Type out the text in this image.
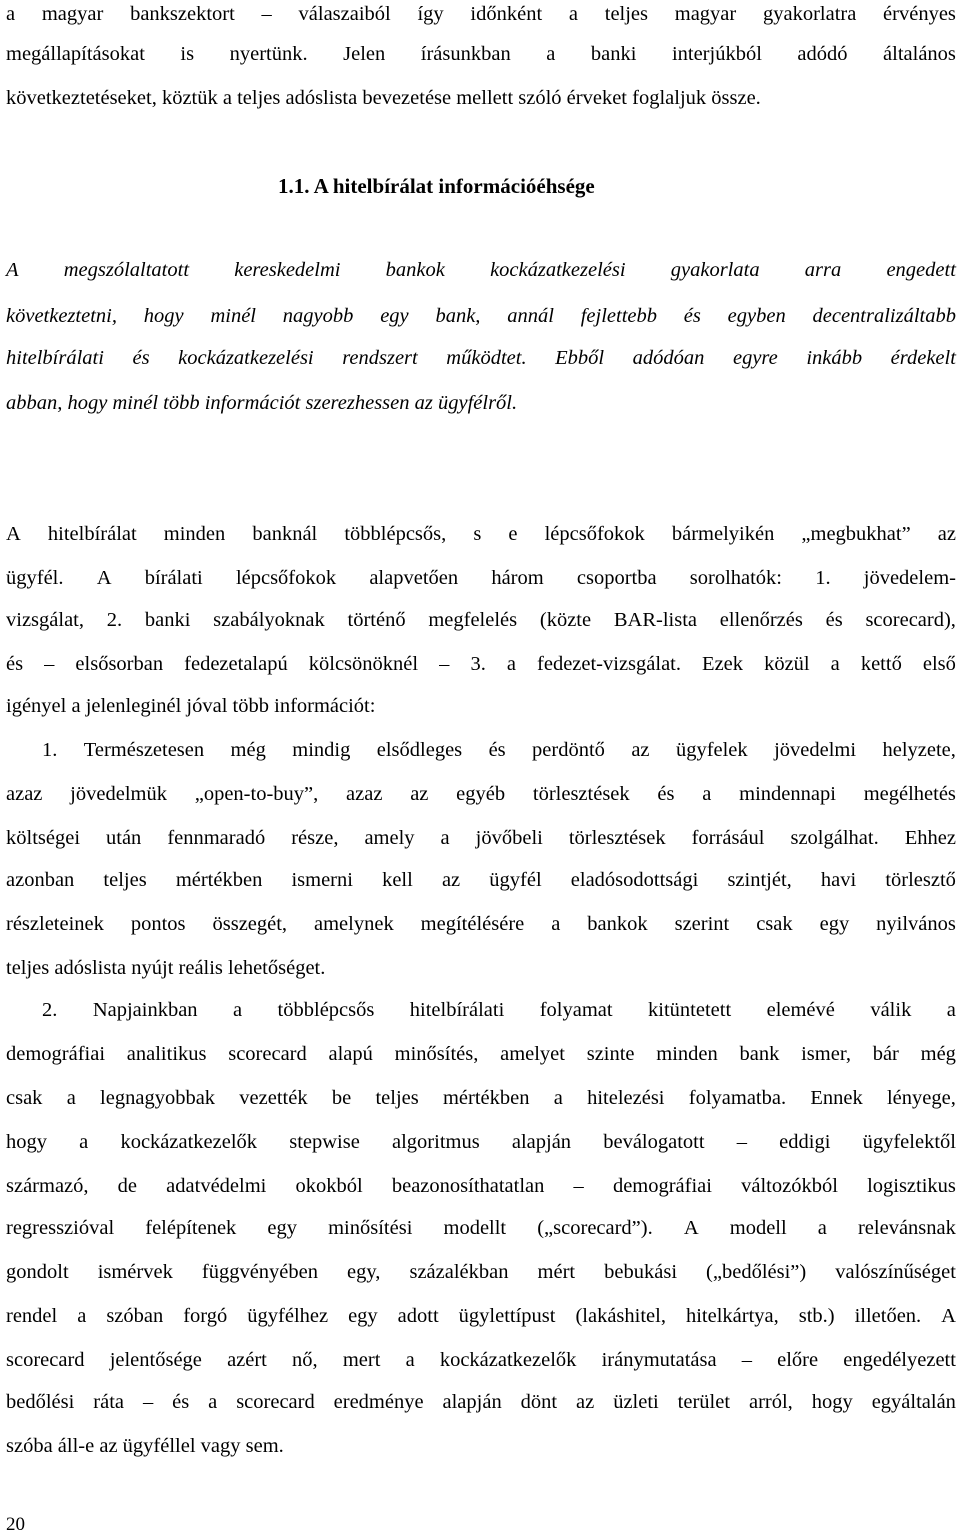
a magyar bankszektort – válaszaiból így időnként a teljes magyar gyakorlatra érvényes
megállapításokat is nyertünk. Jelen írásunkban a banki interjúkból adódó általános
következtetéseket, köztük a teljes adóslista bevezetése mellett szóló érveket foglaljuk össze.
1.1. A hitelbírálat információéhsége
A megszólaltatott kereskedelmi bankok kockázatkezelési gyakorlata arra engedett
következtetni, hogy minél nagyobb egy bank, annál fejlettebb és egyben decentralizáltabb
hitelbírálati és kockázatkezelési rendszert működtet. Ebből adódóan egyre inkább érdekelt
abban, hogy minél több információt szerezhessen az ügyfélről.
A hitelbírálat minden banknál többlépcsős, s e lépcsőfokok bármelyikén „megbukhat” az
ügyfél. A bírálati lépcsőfokok alapvetően három csoportba sorolhatók: 1. jövedelem-
vizsgálat, 2. banki szabályoknak történő megfelelés (közte BAR-lista ellenőrzés és scorecard),
és – elsősorban fedezetalapú kölcsönöknél – 3. a fedezet-vizsgálat. Ezek közül a kettő első
igényel a jelenleginél jóval több információt:
1. Természetesen még mindig elsődleges és perdöntő az ügyfelek jövedelmi helyzete,
azaz jövedelmük „open-to-buy”, azaz az egyéb törlesztések és a mindennapi megélhetés
költségei után fennmaradó része, amely a jövőbeli törlesztések forrásául szolgálhat. Ehhez
azonban teljes mértékben ismerni kell az ügyfél eladósodottsági szintjét, havi törlesztő
részleteinek pontos összegét, amelynek megítélésére a bankok szerint csak egy nyilvános
teljes adóslista nyújt reális lehetőséget.
2. Napjainkban a többlépcsős hitelbírálati folyamat kitüntetett elemévé válik a
demográfiai analitikus scorecard alapú minősítés, amelyet szinte minden bank ismer, bár még
csak a legnagyobbak vezették be teljes mértékben a hitelezési folyamatba. Ennek lényege,
hogy a kockázatkezelők stepwise algoritmus alapján beválogatott – eddigi ügyfelektől
származó, de adatvédelmi okokból beazonosíthatatlan – demográfiai változókból logisztikus
regresszióval felépítenek egy minősítési modellt („scorecard”). A modell a relevánsnak
gondolt ismérvek függvényében egy, százalékban mért bebukási („bedőlési”) valószínűséget
rendel a szóban forgó ügyfélhez egy adott ügylettípust (lakáshitel, hitelkártya, stb.) illetően. A
scorecard jelentősége azért nő, mert a kockázatkezelők iránymutatása – előre engedélyezett
bedőlési ráta – és a scorecard eredménye alapján dönt az üzleti terület arról, hogy egyáltalán
szóba áll-e az ügyféllel vagy sem.
20
